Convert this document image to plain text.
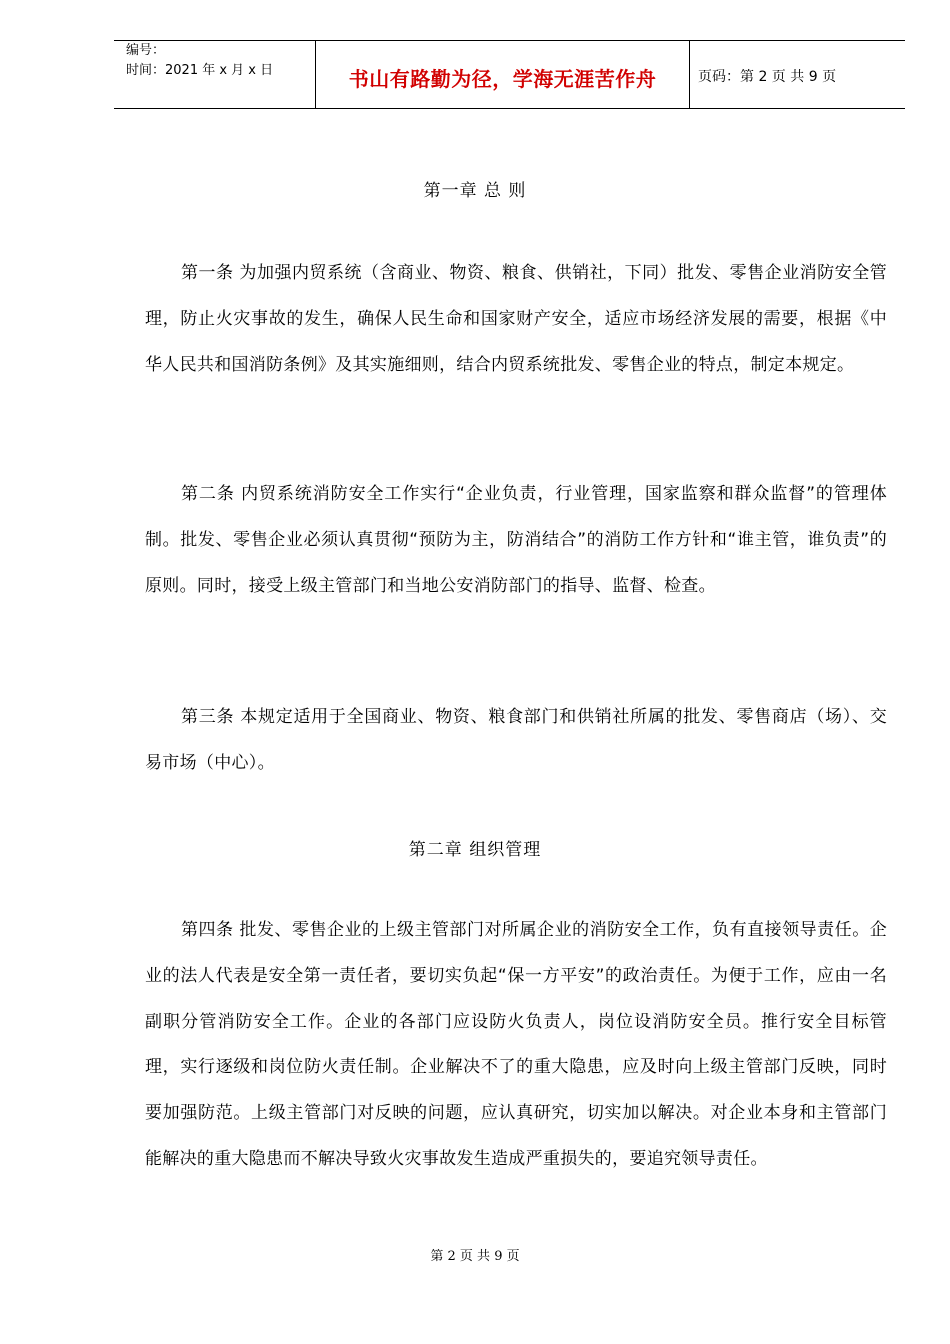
编号：
时间：2021 年 x 月 x 日	书山有路勤为径，学海无涯苦作舟	页码：第 2 页 共 9 页
第一章 总 则

第一条 为加强内贸系统（含商业、物资、粮食、供销社，下同）批发、零售企业消防安全管理，防止火灾事故的发生，确保人民生命和国家财产安全，适应市场经济发展的需要，根据《中华人民共和国消防条例》及其实施细则，结合内贸系统批发、零售企业的特点，制定本规定。

第二条 内贸系统消防安全工作实行“企业负责，行业管理，国家监察和群众监督”的管理体制。批发、零售企业必须认真贯彻“预防为主，防消结合”的消防工作方针和“谁主管，谁负责”的原则。同时，接受上级主管部门和当地公安消防部门的指导、监督、检查。

第三条 本规定适用于全国商业、物资、粮食部门和供销社所属的批发、零售商店（场）、交易市场（中心）。

第二章 组织管理

第四条 批发、零售企业的上级主管部门对所属企业的消防安全工作，负有直接领导责任。企业的法人代表是安全第一责任者，要切实负起“保一方平安”的政治责任。为便于工作，应由一名副职分管消防安全工作。企业的各部门应设防火负责人，岗位设消防安全员。推行安全目标管理，实行逐级和岗位防火责任制。企业解决不了的重大隐患，应及时向上级主管部门反映，同时要加强防范。上级主管部门对反映的问题，应认真研究，切实加以解决。对企业本身和主管部门能解决的重大隐患而不解决导致火灾事故发生造成严重损失的，要追究领导责任。

第 2 页 共 9 页
